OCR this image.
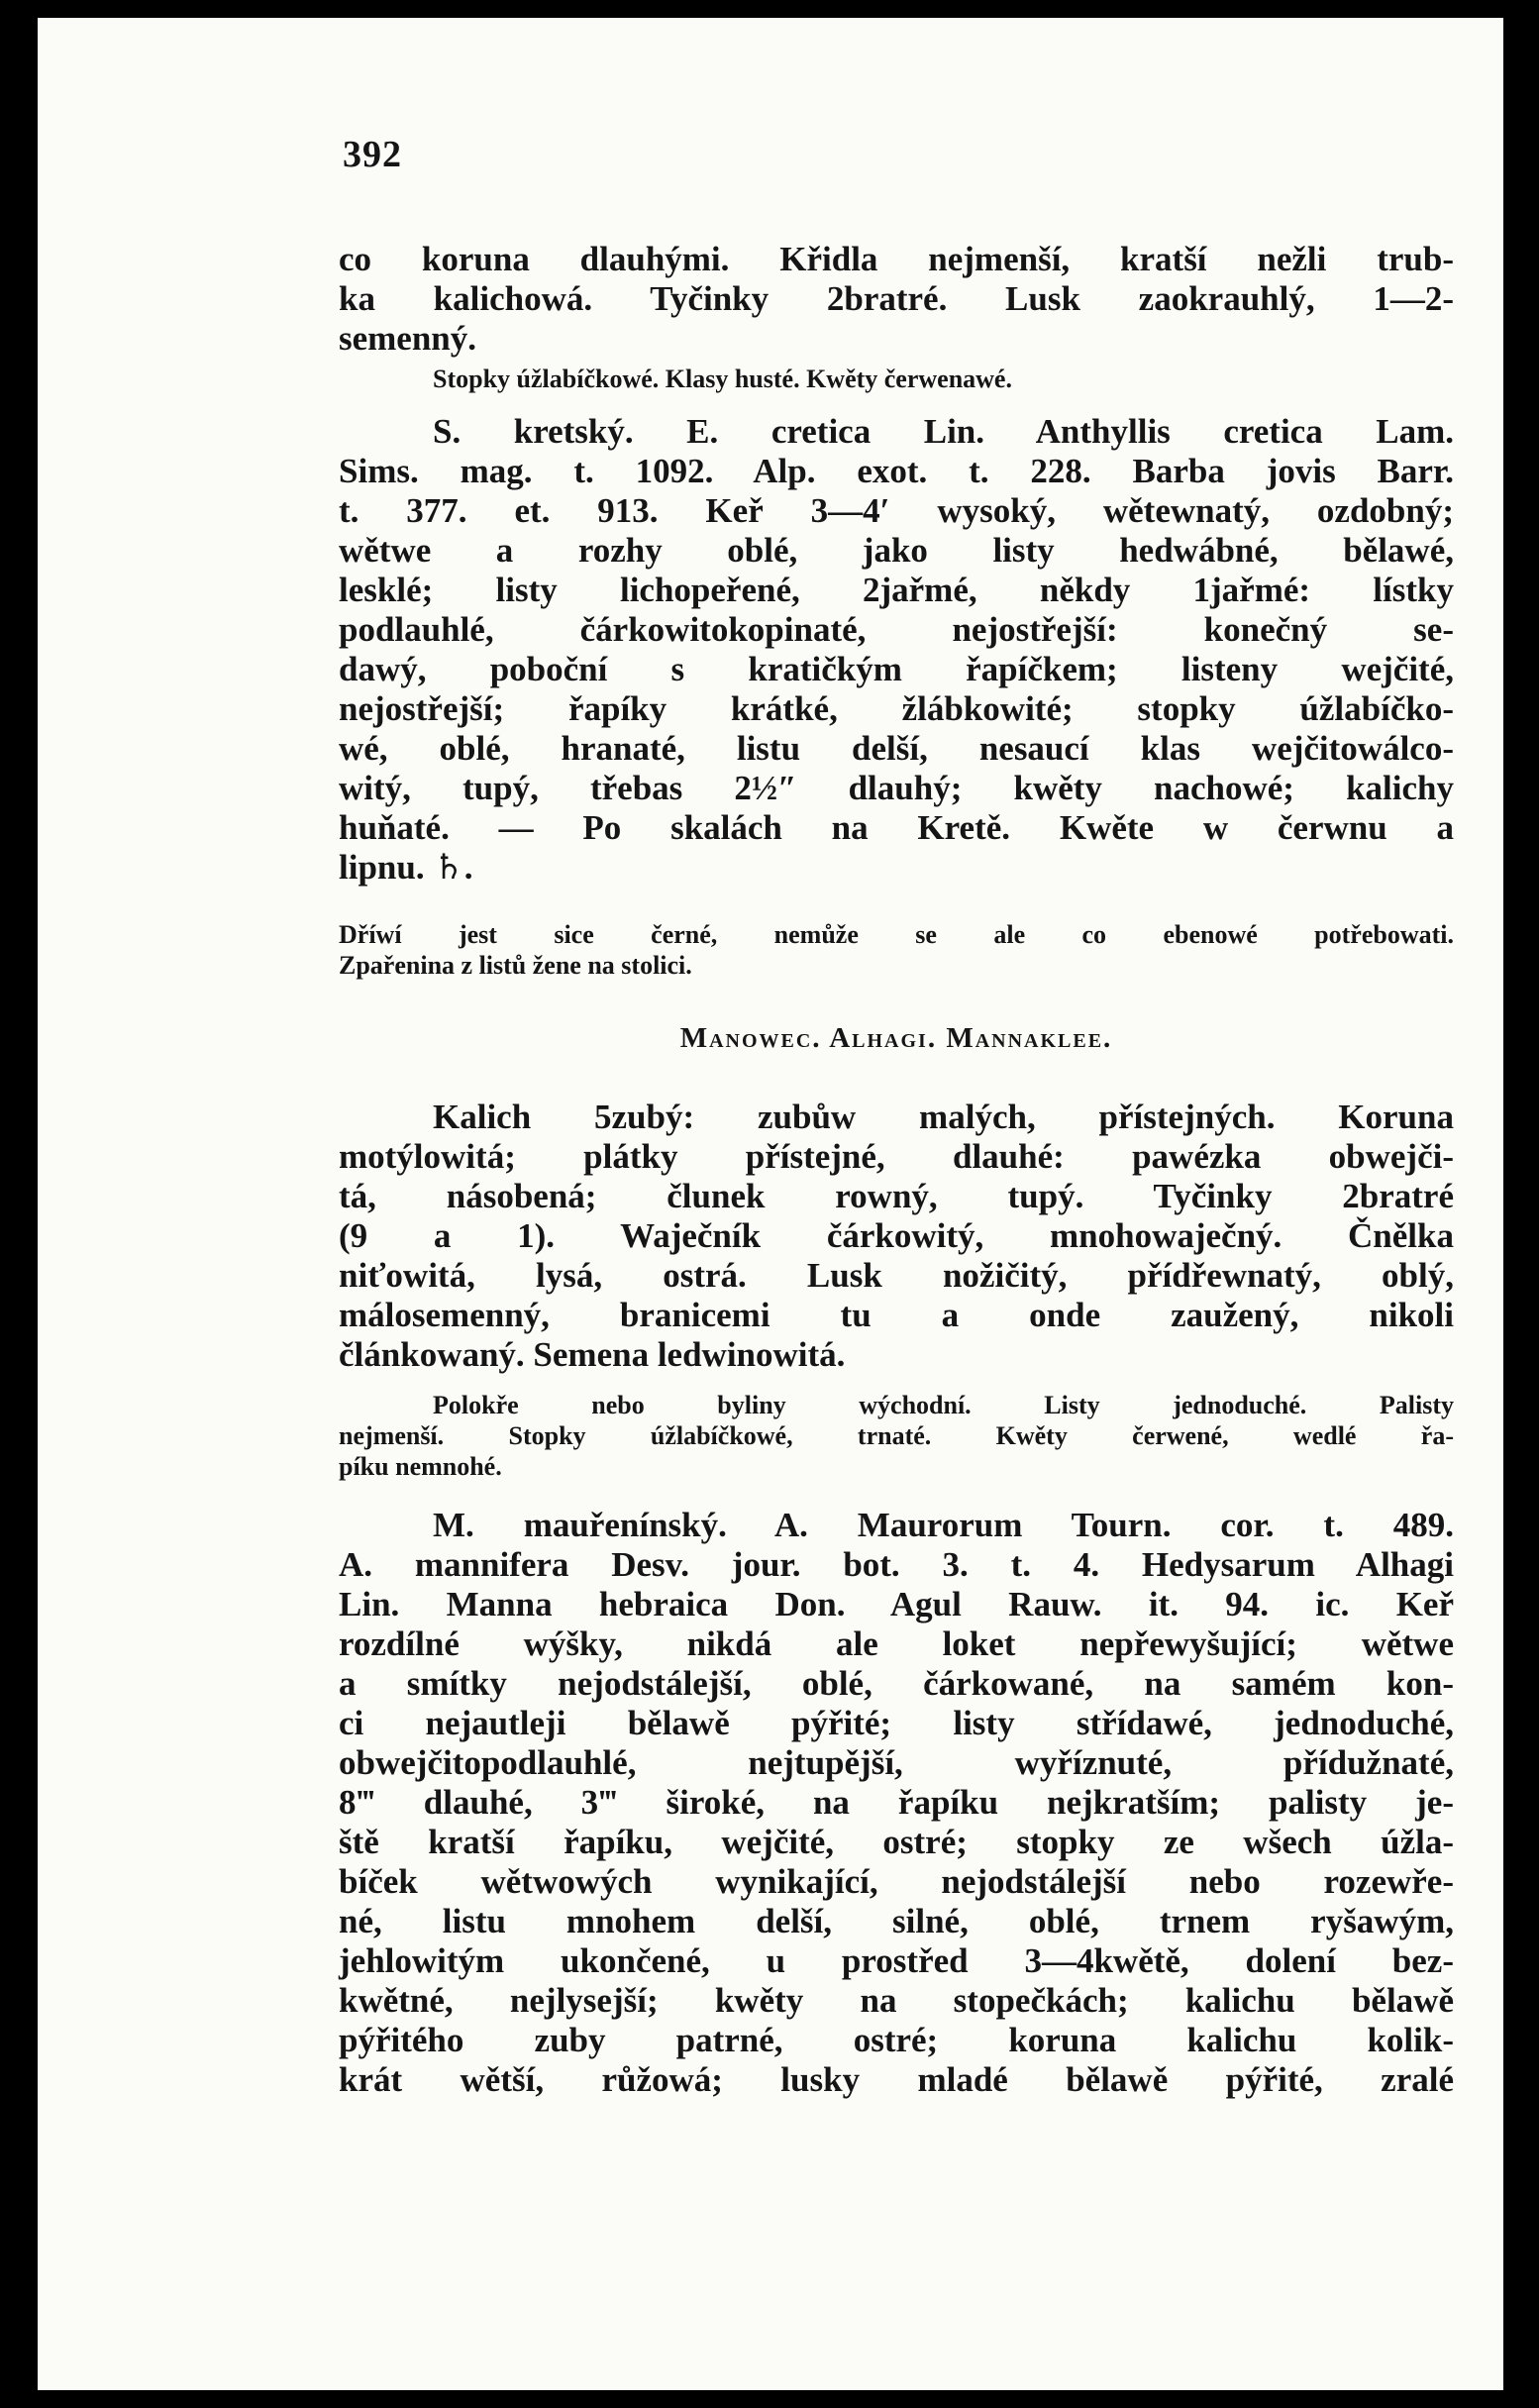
392
co koruna dlauhými. Křidla nejmenší, kratší nežli trub-
ka kalichowá. Tyčinky 2bratré. Lusk zaokrauhlý, 1—2-
semenný.
Stopky úžlabíčkowé. Klasy husté. Kwěty čerwenawé.
S. kretský. E. cretica Lin. Anthyllis cretica Lam.
Sims. mag. t. 1092. Alp. exot. t. 228. Barba jovis Barr.
t. 377. et. 913. Keř 3—4′ wysoký, wětewnatý, ozdobný;
wětwe a rozhy oblé, jako listy hedwábné, bělawé,
lesklé; listy lichopeřené, 2jařmé, někdy 1jařmé: lístky
podlauhlé, čárkowitokopinaté, nejostřejší: konečný se-
dawý, poboční s kratičkým řapíčkem; listeny wejčité,
nejostřejší; řapíky krátké, žlábkowité; stopky úžlabíčko-
wé, oblé, hranaté, listu delší, nesaucí klas wejčitowálco-
witý, tupý, třebas 2½″ dlauhý; kwěty nachowé; kalichy
huňaté. — Po skalách na Kretě. Kwěte w čerwnu a
lipnu. ♄.
Dříwí jest sice černé, nemůže se ale co ebenowé potřebowati.
Zpařenina z listů žene na stolici.
Manowec. Alhagi. Mannaklee.
Kalich 5zubý: zubůw malých, přístejných. Koruna
motýlowitá; plátky přístejné, dlauhé: pawézka obwejči-
tá, násobená; člunek rowný, tupý. Tyčinky 2bratré
(9 a 1). Waječník čárkowitý, mnohowaječný. Čnělka
niťowitá, lysá, ostrá. Lusk nožičitý, přídřewnatý, oblý,
málosemenný, branicemi tu a onde zaužený, nikoli
článkowaný. Semena ledwinowitá.
Polokře nebo byliny wýchodní. Listy jednoduché. Palisty
nejmenší. Stopky úžlabíčkowé, trnaté. Kwěty čerwené, wedlé řa-
píku nemnohé.
M. mauřenínský. A. Maurorum Tourn. cor. t. 489.
A. mannifera Desv. jour. bot. 3. t. 4. Hedysarum Alhagi
Lin. Manna hebraica Don. Agul Rauw. it. 94. ic. Keř
rozdílné wýšky, nikdá ale loket nepřewyšující; wětwe
a smítky nejodstálejší, oblé, čárkowané, na samém kon-
ci nejautleji bělawě pýřité; listy střídawé, jednoduché,
obwejčitopodlauhlé, nejtupější, wyříznuté, přídužnaté,
8‴ dlauhé, 3‴ široké, na řapíku nejkratším; palisty je-
ště kratší řapíku, wejčité, ostré; stopky ze wšech úžla-
bíček wětwowých wynikající, nejodstálejší nebo rozewře-
né, listu mnohem delší, silné, oblé, trnem ryšawým,
jehlowitým ukončené, u prostřed 3—4kwětě, dolení bez-
kwětné, nejlysejší; kwěty na stopečkách; kalichu bělawě
pýřitého zuby patrné, ostré; koruna kalichu kolik-
krát wětší, růžowá; lusky mladé bělawě pýřité, zralé
